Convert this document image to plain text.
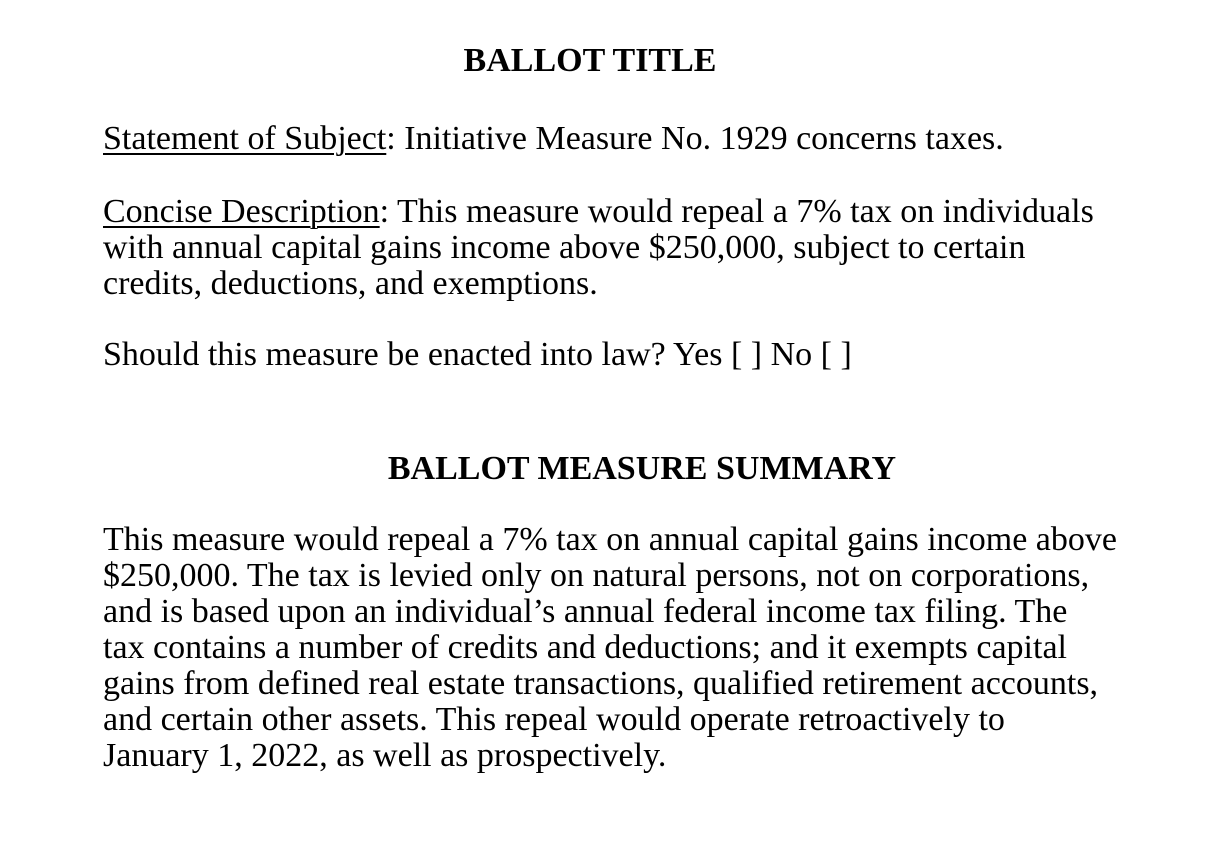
BALLOT TITLE

Statement of Subject: Initiative Measure No. 1929 concerns taxes.

Concise Description: This measure would repeal a 7% tax on individuals

with annual capital gains income above $250,000, subject to certain

credits, deductions, and exemptions.

Should this measure be enacted into law? Yes [ ] No [ ]

BALLOT MEASURE SUMMARY

This measure would repeal a 7% tax on annual capital gains income above

$250,000. The tax is levied only on natural persons, not on corporations,

and is based upon an individual’s annual federal income tax filing. The

tax contains a number of credits and deductions; and it exempts capital

gains from defined real estate transactions, qualified retirement accounts,

and certain other assets. This repeal would operate retroactively to

January 1, 2022, as well as prospectively.
